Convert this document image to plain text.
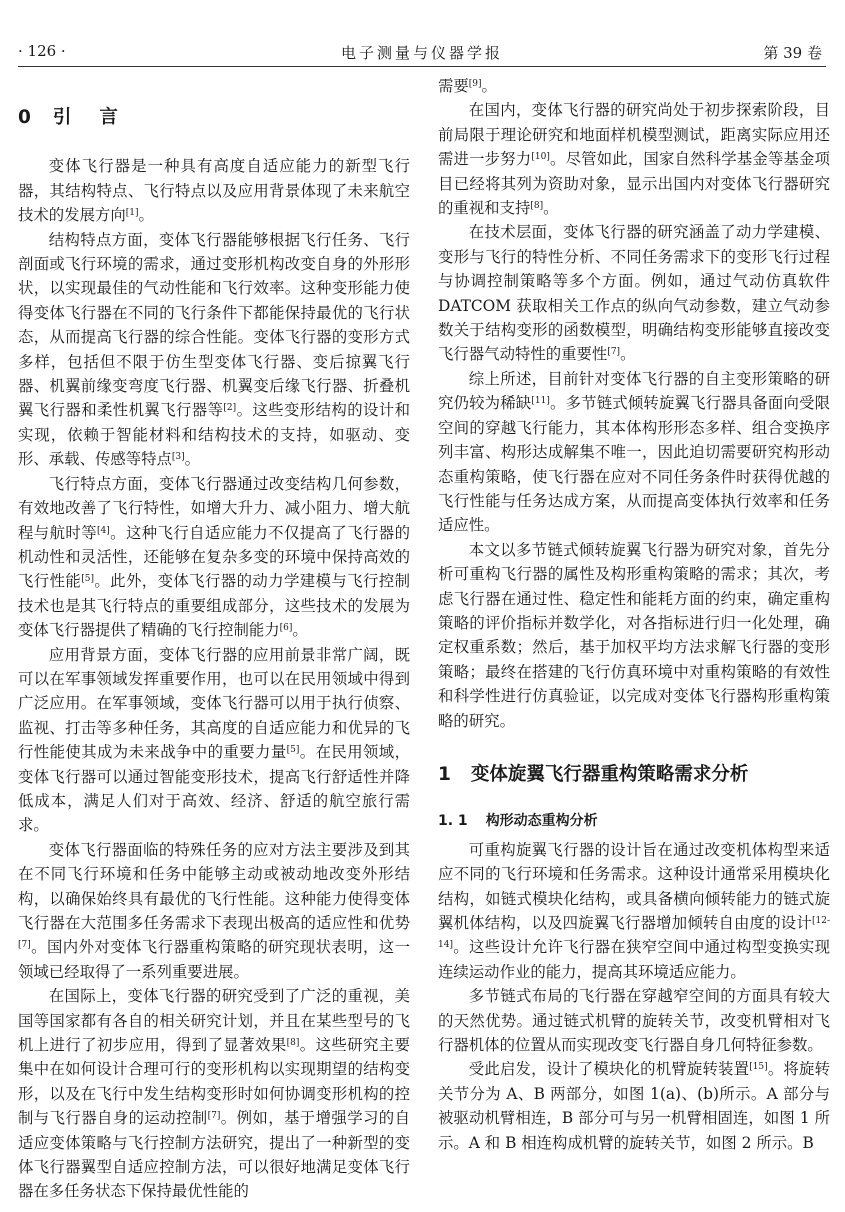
· 126 ·	电子测量与仪器学报	第 39 卷
0 引言

变体飞行器是一种具有高度自适应能力的新型飞行器，其结构特点、飞行特点以及应用背景体现了未来航空技术的发展方向[1]。

结构特点方面，变体飞行器能够根据飞行任务、飞行剖面或飞行环境的需求，通过变形机构改变自身的外形形状，以实现最佳的气动性能和飞行效率。这种变形能力使得变体飞行器在不同的飞行条件下都能保持最优的飞行状态，从而提高飞行器的综合性能。变体飞行器的变形方式多样，包括但不限于仿生型变体飞行器、变后掠翼飞行器、机翼前缘变弯度飞行器、机翼变后缘飞行器、折叠机翼飞行器和柔性机翼飞行器等[2]。这些变形结构的设计和实现，依赖于智能材料和结构技术的支持，如驱动、变形、承载、传感等特点[3]。

飞行特点方面，变体飞行器通过改变结构几何参数，有效地改善了飞行特性，如增大升力、减小阻力、增大航程与航时等[4]。这种飞行自适应能力不仅提高了飞行器的机动性和灵活性，还能够在复杂多变的环境中保持高效的飞行性能[5]。此外，变体飞行器的动力学建模与飞行控制技术也是其飞行特点的重要组成部分，这些技术的发展为变体飞行器提供了精确的飞行控制能力[6]。

应用背景方面，变体飞行器的应用前景非常广阔，既可以在军事领域发挥重要作用，也可以在民用领域中得到广泛应用。在军事领域，变体飞行器可以用于执行侦察、监视、打击等多种任务，其高度的自适应能力和优异的飞行性能使其成为未来战争中的重要力量[5]。在民用领域，变体飞行器可以通过智能变形技术，提高飞行舒适性并降低成本，满足人们对于高效、经济、舒适的航空旅行需求。

变体飞行器面临的特殊任务的应对方法主要涉及到其在不同飞行环境和任务中能够主动或被动地改变外形结构，以确保始终具有最优的飞行性能。这种能力使得变体飞行器在大范围多任务需求下表现出极高的适应性和优势[7]。国内外对变体飞行器重构策略的研究现状表明，这一领域已经取得了一系列重要进展。

在国际上，变体飞行器的研究受到了广泛的重视，美国等国家都有各自的相关研究计划，并且在某些型号的飞机上进行了初步应用，得到了显著效果[8]。这些研究主要集中在如何设计合理可行的变形机构以实现期望的结构变形，以及在飞行中发生结构变形时如何协调变形机构的控制与飞行器自身的运动控制[7]。例如，基于增强学习的自适应变体策略与飞行控制方法研究，提出了一种新型的变体飞行器翼型自适应控制方法，可以很好地满足变体飞行器在多任务状态下保持最优性能的

需要[9]。

在国内，变体飞行器的研究尚处于初步探索阶段，目前局限于理论研究和地面样机模型测试，距离实际应用还需进一步努力[10]。尽管如此，国家自然科学基金等基金项目已经将其列为资助对象，显示出国内对变体飞行器研究的重视和支持[8]。

在技术层面，变体飞行器的研究涵盖了动力学建模、变形与飞行的特性分析、不同任务需求下的变形飞行过程与协调控制策略等多个方面。例如，通过气动仿真软件 DATCOM 获取相关工作点的纵向气动参数，建立气动参数关于结构变形的函数模型，明确结构变形能够直接改变飞行器气动特性的重要性[7]。

综上所述，目前针对变体飞行器的自主变形策略的研究仍较为稀缺[11]。多节链式倾转旋翼飞行器具备面向受限空间的穿越飞行能力，其本体构形形态多样、组合变换序列丰富、构形达成解集不唯一，因此迫切需要研究构形动态重构策略，使飞行器在应对不同任务条件时获得优越的飞行性能与任务达成方案，从而提高变体执行效率和任务适应性。

本文以多节链式倾转旋翼飞行器为研究对象，首先分析可重构飞行器的属性及构形重构策略的需求；其次，考虑飞行器在通过性、稳定性和能耗方面的约束，确定重构策略的评价指标并数学化，对各指标进行归一化处理，确定权重系数；然后，基于加权平均方法求解飞行器的变形策略；最终在搭建的飞行仿真环境中对重构策略的有效性和科学性进行仿真验证，以完成对变体飞行器构形重构策略的研究。

1 变体旋翼飞行器重构策略需求分析
1. 1 构形动态重构分析

可重构旋翼飞行器的设计旨在通过改变机体构型来适应不同的飞行环境和任务需求。这种设计通常采用模块化结构，如链式模块化结构，或具备横向倾转能力的链式旋翼机体结构，以及四旋翼飞行器增加倾转自由度的设计[12-14]。这些设计允许飞行器在狭窄空间中通过构型变换实现连续运动作业的能力，提高其环境适应能力。

多节链式布局的飞行器在穿越窄空间的方面具有较大的天然优势。通过链式机臂的旋转关节，改变机臂相对飞行器机体的位置从而实现改变飞行器自身几何特征参数。

受此启发，设计了模块化的机臂旋转装置[15]。将旋转关节分为 A、B 两部分，如图 1(a)、(b)所示。A 部分与被驱动机臂相连，B 部分可与另一机臂相固连，如图 1 所示。A 和 B 相连构成机臂的旋转关节，如图 2 所示。B
